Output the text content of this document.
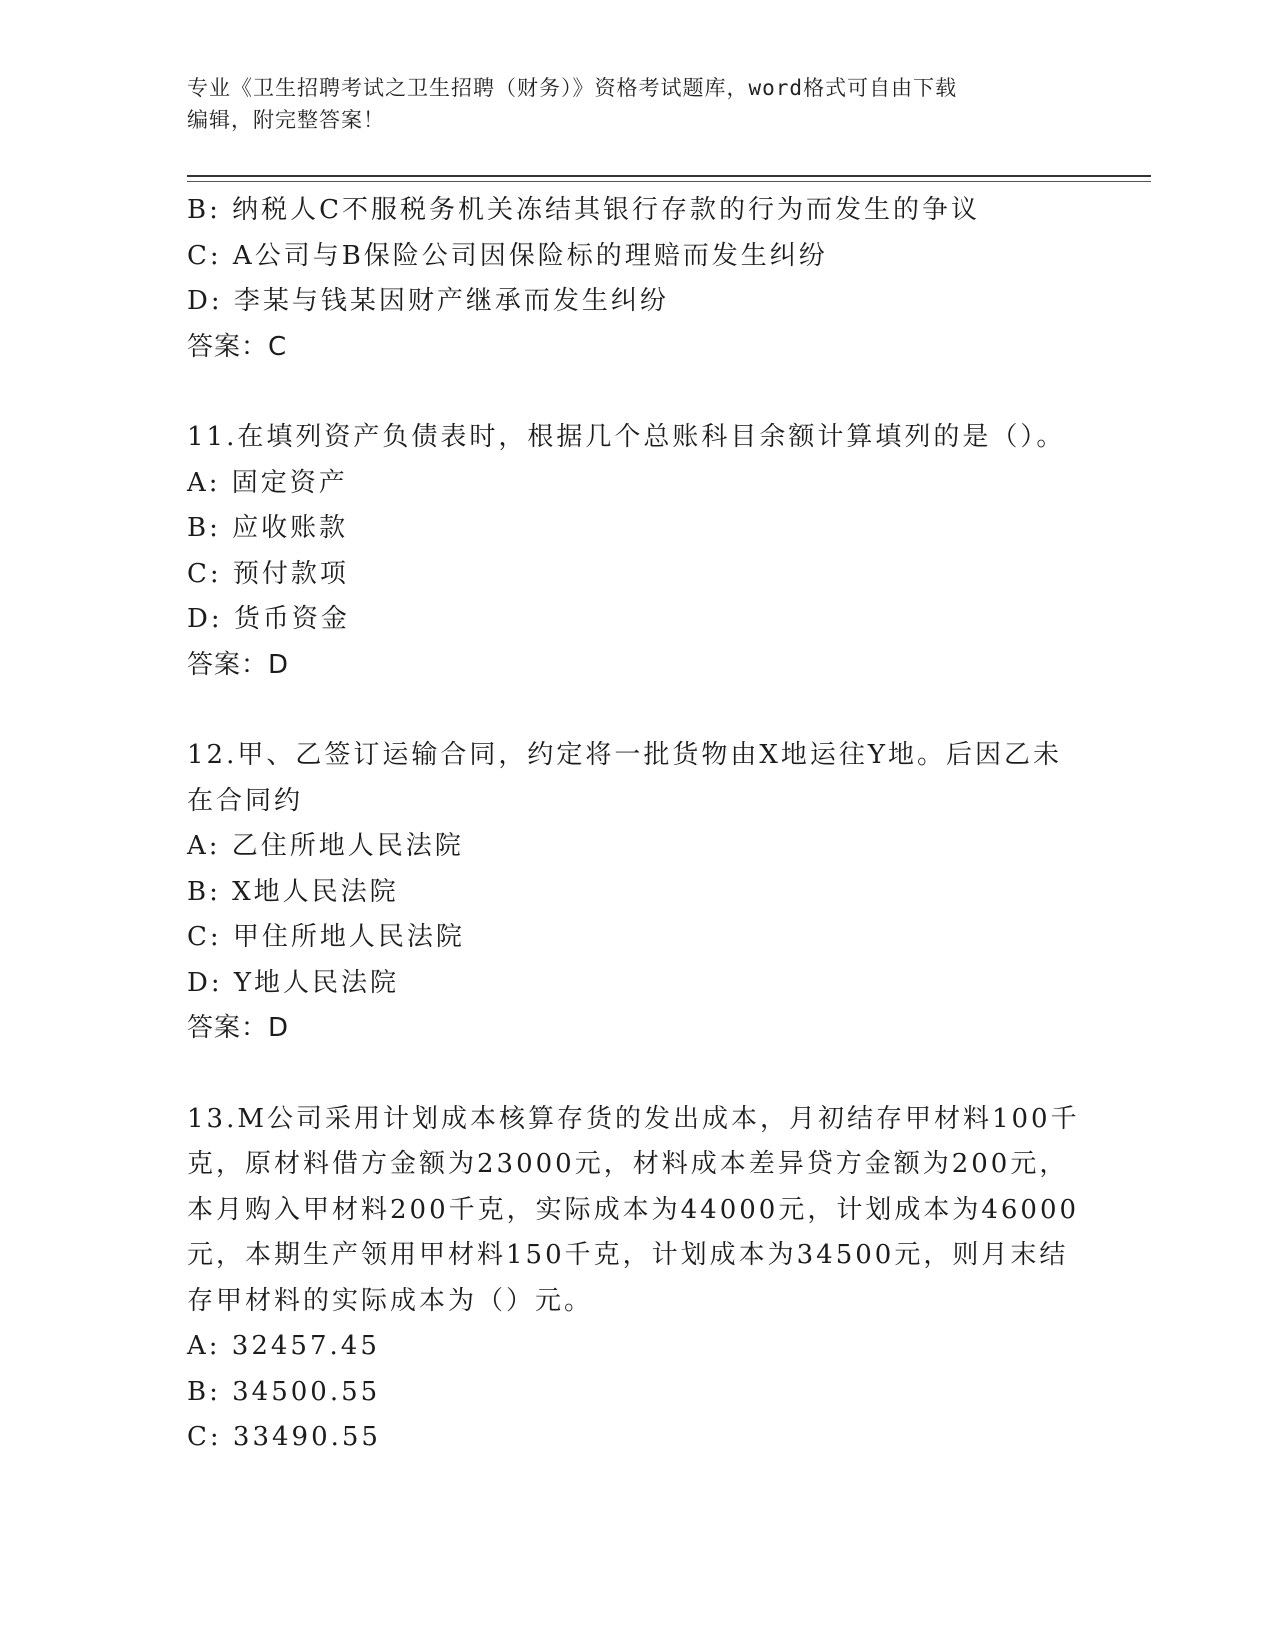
专业《卫生招聘考试之卫生招聘（财务）》资格考试题库，word格式可自由下载
编辑，附完整答案！
B: 纳税人C不服税务机关冻结其银行存款的行为而发生的争议
C: A公司与B保险公司因保险标的理赔而发生纠纷
D: 李某与钱某因财产继承而发生纠纷
答案：C
11.在填列资产负债表时，根据几个总账科目余额计算填列的是（）。
A: 固定资产
B: 应收账款
C: 预付款项
D: 货币资金
答案：D
12.甲、乙签订运输合同，约定将一批货物由X地运往Y地。后因乙未
在合同约
A: 乙住所地人民法院
B: X地人民法院
C: 甲住所地人民法院
D: Y地人民法院
答案：D
13.M公司采用计划成本核算存货的发出成本，月初结存甲材料100千
克，原材料借方金额为23000元，材料成本差异贷方金额为200元，
本月购入甲材料200千克，实际成本为44000元，计划成本为46000
元，本期生产领用甲材料150千克，计划成本为34500元，则月末结
存甲材料的实际成本为（）元。
A: 32457.45
B: 34500.55
C: 33490.55
